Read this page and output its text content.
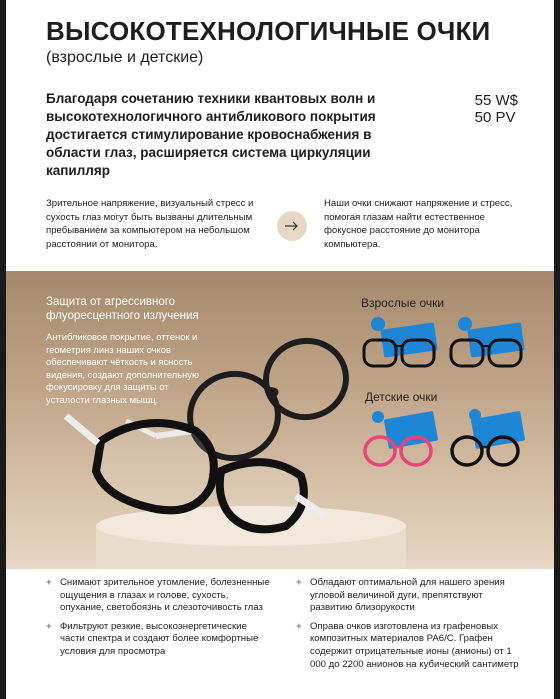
ВЫСОКОТЕХНОЛОГИЧНЫЕ ОЧКИ
(взрослые и детские)
Благодаря сочетанию техники квантовых волн и высокотехнологичного антибликового покрытия достигается стимулирование кровоснабжения в области глаз, расширяется система циркуляции капилляр
55 W$
50 PV
Зрительное напряжение, визуальный стресс и сухость глаз могут быть вызваны длительным пребыванием за компьютером на небольшом расстоянии от монитора.
Наши очки снижают напряжение и стресс, помогая глазам найти естественное фокусное расстояние до монитора компьютера.
Защита от агрессивного флуоресцентного излучения
Антибликовое покрытие, оттенок и геометрия линз наших очков обеспечивают чёткость и ясность видения, создают дополнительную фокусировку для защиты от усталости глазных мышц.
Взрослые очки
Детские очки
+ Снимают зрительное утомление, болезненные ощущения в глазах и голове, сухость, опухание, светобоязнь и слезоточивость глаз
+ Фильтруют резкие, высокоэнергетические части спектра и создают более комфортные условия для просмотра
+ Обладают оптимальной для нашего зрения угловой величиной дуги, препятствуют развитию близорукости
+ Оправа очков изготовлена из графеновых композитных материалов PA6/C. Графен содержит отрицательные ионы (анионы) от 1 000 до 2200 анионов на кубический сантиметр
